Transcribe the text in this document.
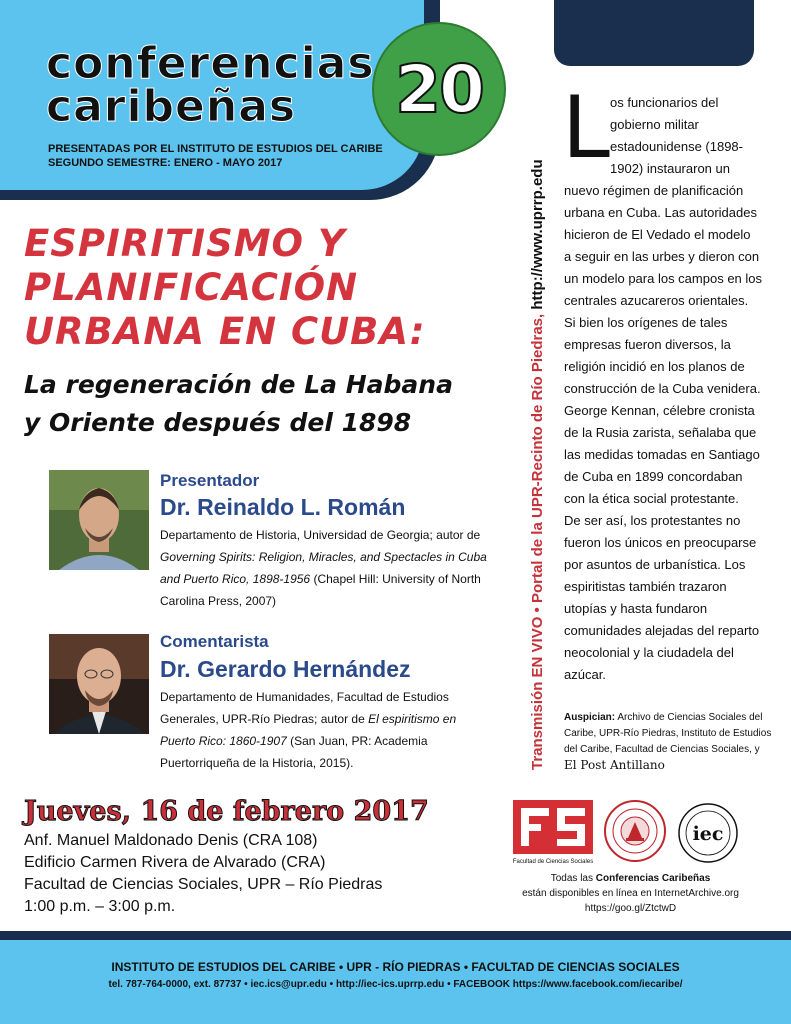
conferencias
caribeñas 20
PRESENTADAS POR EL INSTITUTO DE ESTUDIOS DEL CARIBE
SEGUNDO SEMESTRE: ENERO - MAYO 2017
ESPIRITISMO Y
PLANIFICACIÓN
URBANA EN CUBA:
La regeneración de La Habana
y Oriente después del 1898
Presentador
Dr. Reinaldo L. Román
Departamento de Historia, Universidad de Georgia; autor de Governing Spirits: Religion, Miracles, and Spectacles in Cuba and Puerto Rico, 1898-1956 (Chapel Hill: University of North Carolina Press, 2007)
Comentarista
Dr. Gerardo Hernández
Departamento de Humanidades, Facultad de Estudios Generales, UPR-Río Piedras; autor de El espiritismo en Puerto Rico: 1860-1907 (San Juan, PR: Academia Puertorriqueña de la Historia, 2015).
Jueves, 16 de febrero 2017
Anf. Manuel Maldonado Denis (CRA 108)
Edificio Carmen Rivera de Alvarado (CRA)
Facultad de Ciencias Sociales, UPR – Río Piedras
1:00 p.m. – 3:00 p.m.
Transmisión EN VIVO • Portal de la UPR-Recinto de Río Piedras, http://www.uprrp.edu
L os funcionarios del
gobierno militar
estadounidense (1898-
1902) instauraron un
nuevo régimen de planificación
urbana en Cuba. Las autoridades
hicieron de El Vedado el modelo
a seguir en las urbes y dieron con
un modelo para los campos en los
centrales azucareros orientales.
Si bien los orígenes de tales
empresas fueron diversos, la
religión incidió en los planos de
construcción de la Cuba venidera.
George Kennan, célebre cronista
de la Rusia zarista, señalaba que
las medidas tomadas en Santiago
de Cuba en 1899 concordaban
con la ética social protestante.
De ser así, los protestantes no
fueron los únicos en preocuparse
por asuntos de urbanística. Los
espiritistas también trazaron
utopías y hasta fundaron
comunidades alejadas del reparto
neocolonial y la ciudadela del
azúcar.
Auspician: Archivo de Ciencias Sociales del
Caribe, UPR-Río Piedras, Instituto de Estudios
del Caribe, Facultad de Ciencias Sociales, y
El Post Antillano
Facultad de Ciencias Sociales
iec
Todas las Conferencias Caribeñas
están disponibles en línea en InternetArchive.org
https://goo.gl/ZtctwD
INSTITUTO DE ESTUDIOS DEL CARIBE • UPR - RÍO PIEDRAS • FACULTAD DE CIENCIAS SOCIALES
tel. 787-764-0000, ext. 87737 • iec.ics@upr.edu • http://iec-ics.uprrp.edu • FACEBOOK https://www.facebook.com/iecaribe/
